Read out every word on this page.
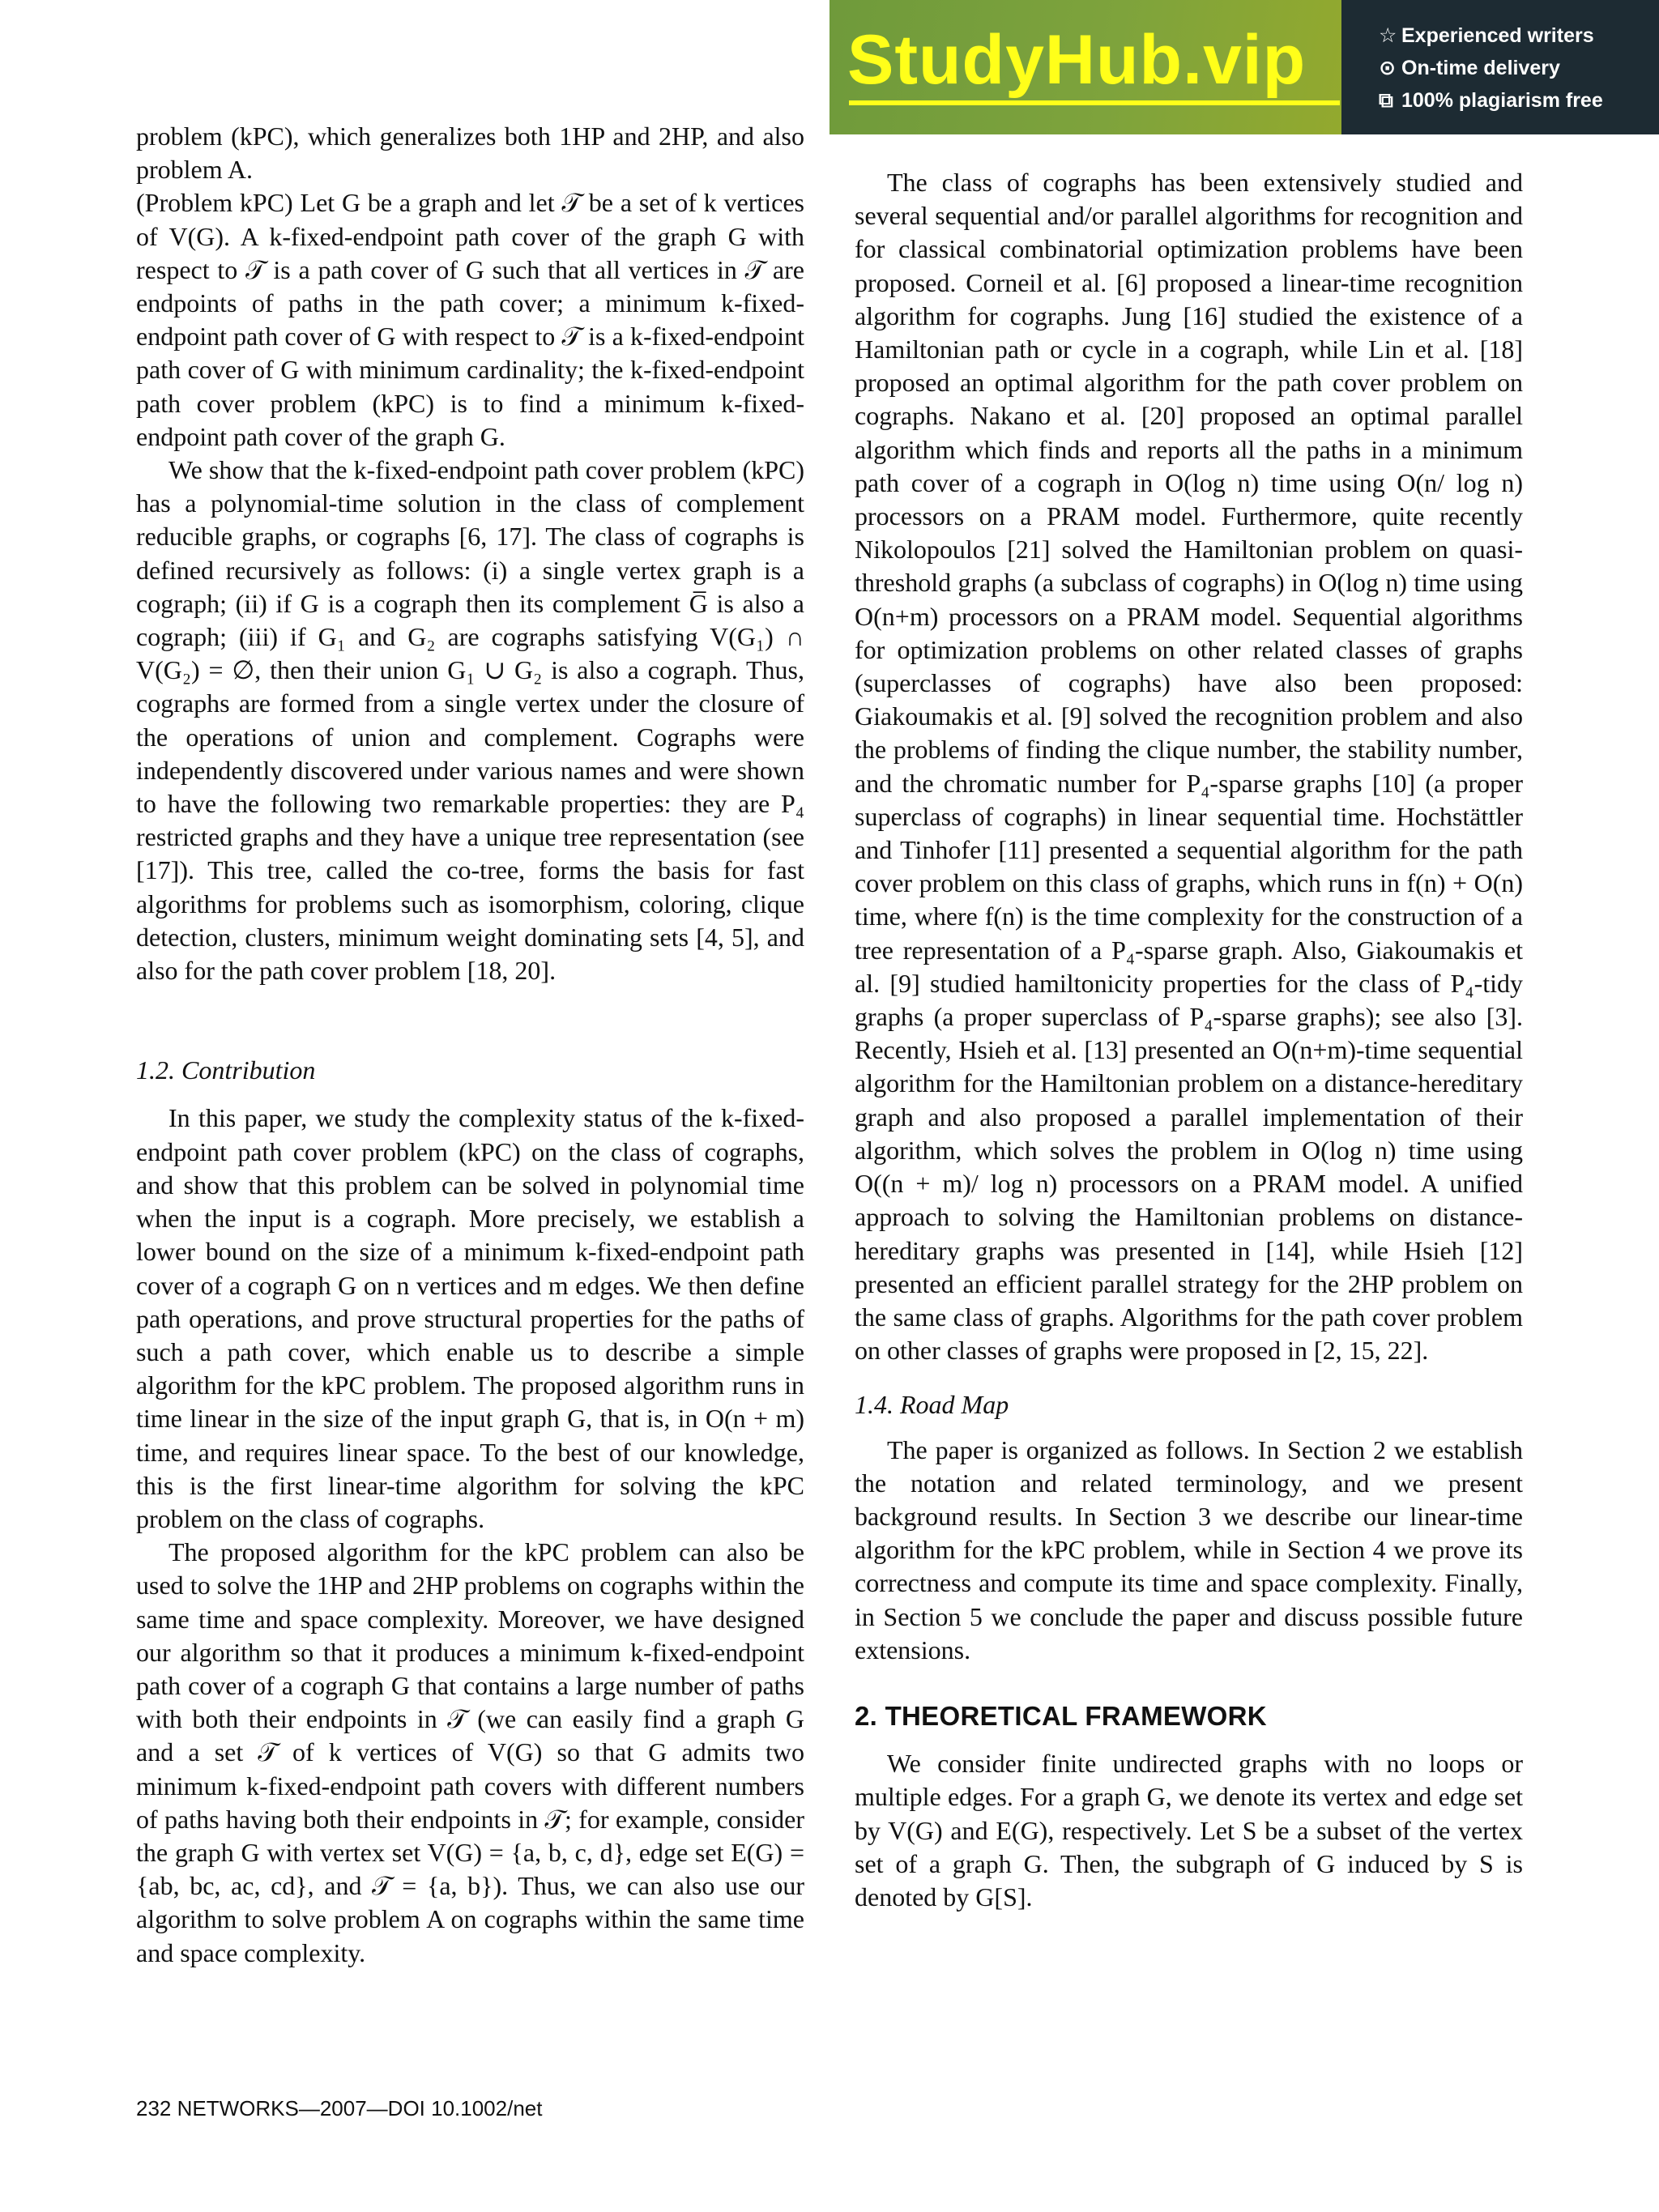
problem (kPC), which generalizes both 1HP and 2HP, and also problem A.

(Problem kPC) Let G be a graph and let 𝒯 be a set of k vertices of V(G). A k-fixed-endpoint path cover of the graph G with respect to 𝒯 is a path cover of G such that all vertices in 𝒯 are endpoints of paths in the path cover; a minimum k-fixed-endpoint path cover of G with respect to 𝒯 is a k-fixed-endpoint path cover of G with minimum cardinality; the k-fixed-endpoint path cover problem (kPC) is to find a minimum k-fixed-endpoint path cover of the graph G.

We show that the k-fixed-endpoint path cover problem (kPC) has a polynomial-time solution in the class of complement reducible graphs, or cographs [6, 17]. The class of cographs is defined recursively as follows: (i) a single vertex graph is a cograph; (ii) if G is a cograph then its complement G̅ is also a cograph; (iii) if G₁ and G₂ are cographs satisfying V(G₁) ∩ V(G₂) = ∅, then their union G₁ ∪ G₂ is also a cograph. Thus, cographs are formed from a single vertex under the closure of the operations of union and complement. Cographs were independently discovered under various names and were shown to have the following two remarkable properties: they are P₄ restricted graphs and they have a unique tree representation (see [17]). This tree, called the co-tree, forms the basis for fast algorithms for problems such as isomorphism, coloring, clique detection, clusters, minimum weight dominating sets [4, 5], and also for the path cover problem [18, 20].

1.2. Contribution

In this paper, we study the complexity status of the k-fixed-endpoint path cover problem (kPC) on the class of cographs, and show that this problem can be solved in polynomial time when the input is a cograph. More precisely, we establish a lower bound on the size of a minimum k-fixed-endpoint path cover of a cograph G on n vertices and m edges. We then define path operations, and prove structural properties for the paths of such a path cover, which enable us to describe a simple algorithm for the kPC problem. The proposed algorithm runs in time linear in the size of the input graph G, that is, in O(n + m) time, and requires linear space. To the best of our knowledge, this is the first linear-time algorithm for solving the kPC problem on the class of cographs.

The proposed algorithm for the kPC problem can also be used to solve the 1HP and 2HP problems on cographs within the same time and space complexity. Moreover, we have designed our algorithm so that it produces a minimum k-fixed-endpoint path cover of a cograph G that contains a large number of paths with both their endpoints in 𝒯 (we can easily find a graph G and a set 𝒯 of k vertices of V(G) so that G admits two minimum k-fixed-endpoint path covers with different numbers of paths having both their endpoints in 𝒯; for example, consider the graph G with vertex set V(G) = {a, b, c, d}, edge set E(G) = {ab, bc, ac, cd}, and 𝒯 = {a, b}). Thus, we can also use our algorithm to solve problem A on cographs within the same time and space complexity.

The class of cographs has been extensively studied and several sequential and/or parallel algorithms for recognition and for classical combinatorial optimization problems have been proposed. Corneil et al. [6] proposed a linear-time recognition algorithm for cographs. Jung [16] studied the existence of a Hamiltonian path or cycle in a cograph, while Lin et al. [18] proposed an optimal algorithm for the path cover problem on cographs. Nakano et al. [20] proposed an optimal parallel algorithm which finds and reports all the paths in a minimum path cover of a cograph in O(log n) time using O(n/ log n) processors on a PRAM model. Furthermore, quite recently Nikolopoulos [21] solved the Hamiltonian problem on quasi-threshold graphs (a subclass of cographs) in O(log n) time using O(n+m) processors on a PRAM model. Sequential algorithms for optimization problems on other related classes of graphs (superclasses of cographs) have also been proposed: Giakoumakis et al. [9] solved the recognition problem and also the problems of finding the clique number, the stability number, and the chromatic number for P₄-sparse graphs [10] (a proper superclass of cographs) in linear sequential time. Hochstättler and Tinhofer [11] presented a sequential algorithm for the path cover problem on this class of graphs, which runs in f(n) + O(n) time, where f(n) is the time complexity for the construction of a tree representation of a P₄-sparse graph. Also, Giakoumakis et al. [9] studied hamiltonicity properties for the class of P₄-tidy graphs (a proper superclass of P₄-sparse graphs); see also [3]. Recently, Hsieh et al. [13] presented an O(n+m)-time sequential algorithm for the Hamiltonian problem on a distance-hereditary graph and also proposed a parallel implementation of their algorithm, which solves the problem in O(log n) time using O((n + m)/ log n) processors on a PRAM model. A unified approach to solving the Hamiltonian problems on distance-hereditary graphs was presented in [14], while Hsieh [12] presented an efficient parallel strategy for the 2HP problem on the same class of graphs. Algorithms for the path cover problem on other classes of graphs were proposed in [2, 15, 22].

1.4. Road Map

The paper is organized as follows. In Section 2 we establish the notation and related terminology, and we present background results. In Section 3 we describe our linear-time algorithm for the kPC problem, while in Section 4 we prove its correctness and compute its time and space complexity. Finally, in Section 5 we conclude the paper and discuss possible future extensions.

2. THEORETICAL FRAMEWORK

We consider finite undirected graphs with no loops or multiple edges. For a graph G, we denote its vertex and edge set by V(G) and E(G), respectively. Let S be a subset of the vertex set of a graph G. Then, the subgraph of G induced by S is denoted by G[S].

232 NETWORKS—2007—DOI 10.1002/net
StudyHub.vip	☆ Experienced writers
⊙ On-time delivery
⧉ 100% plagiarism free
